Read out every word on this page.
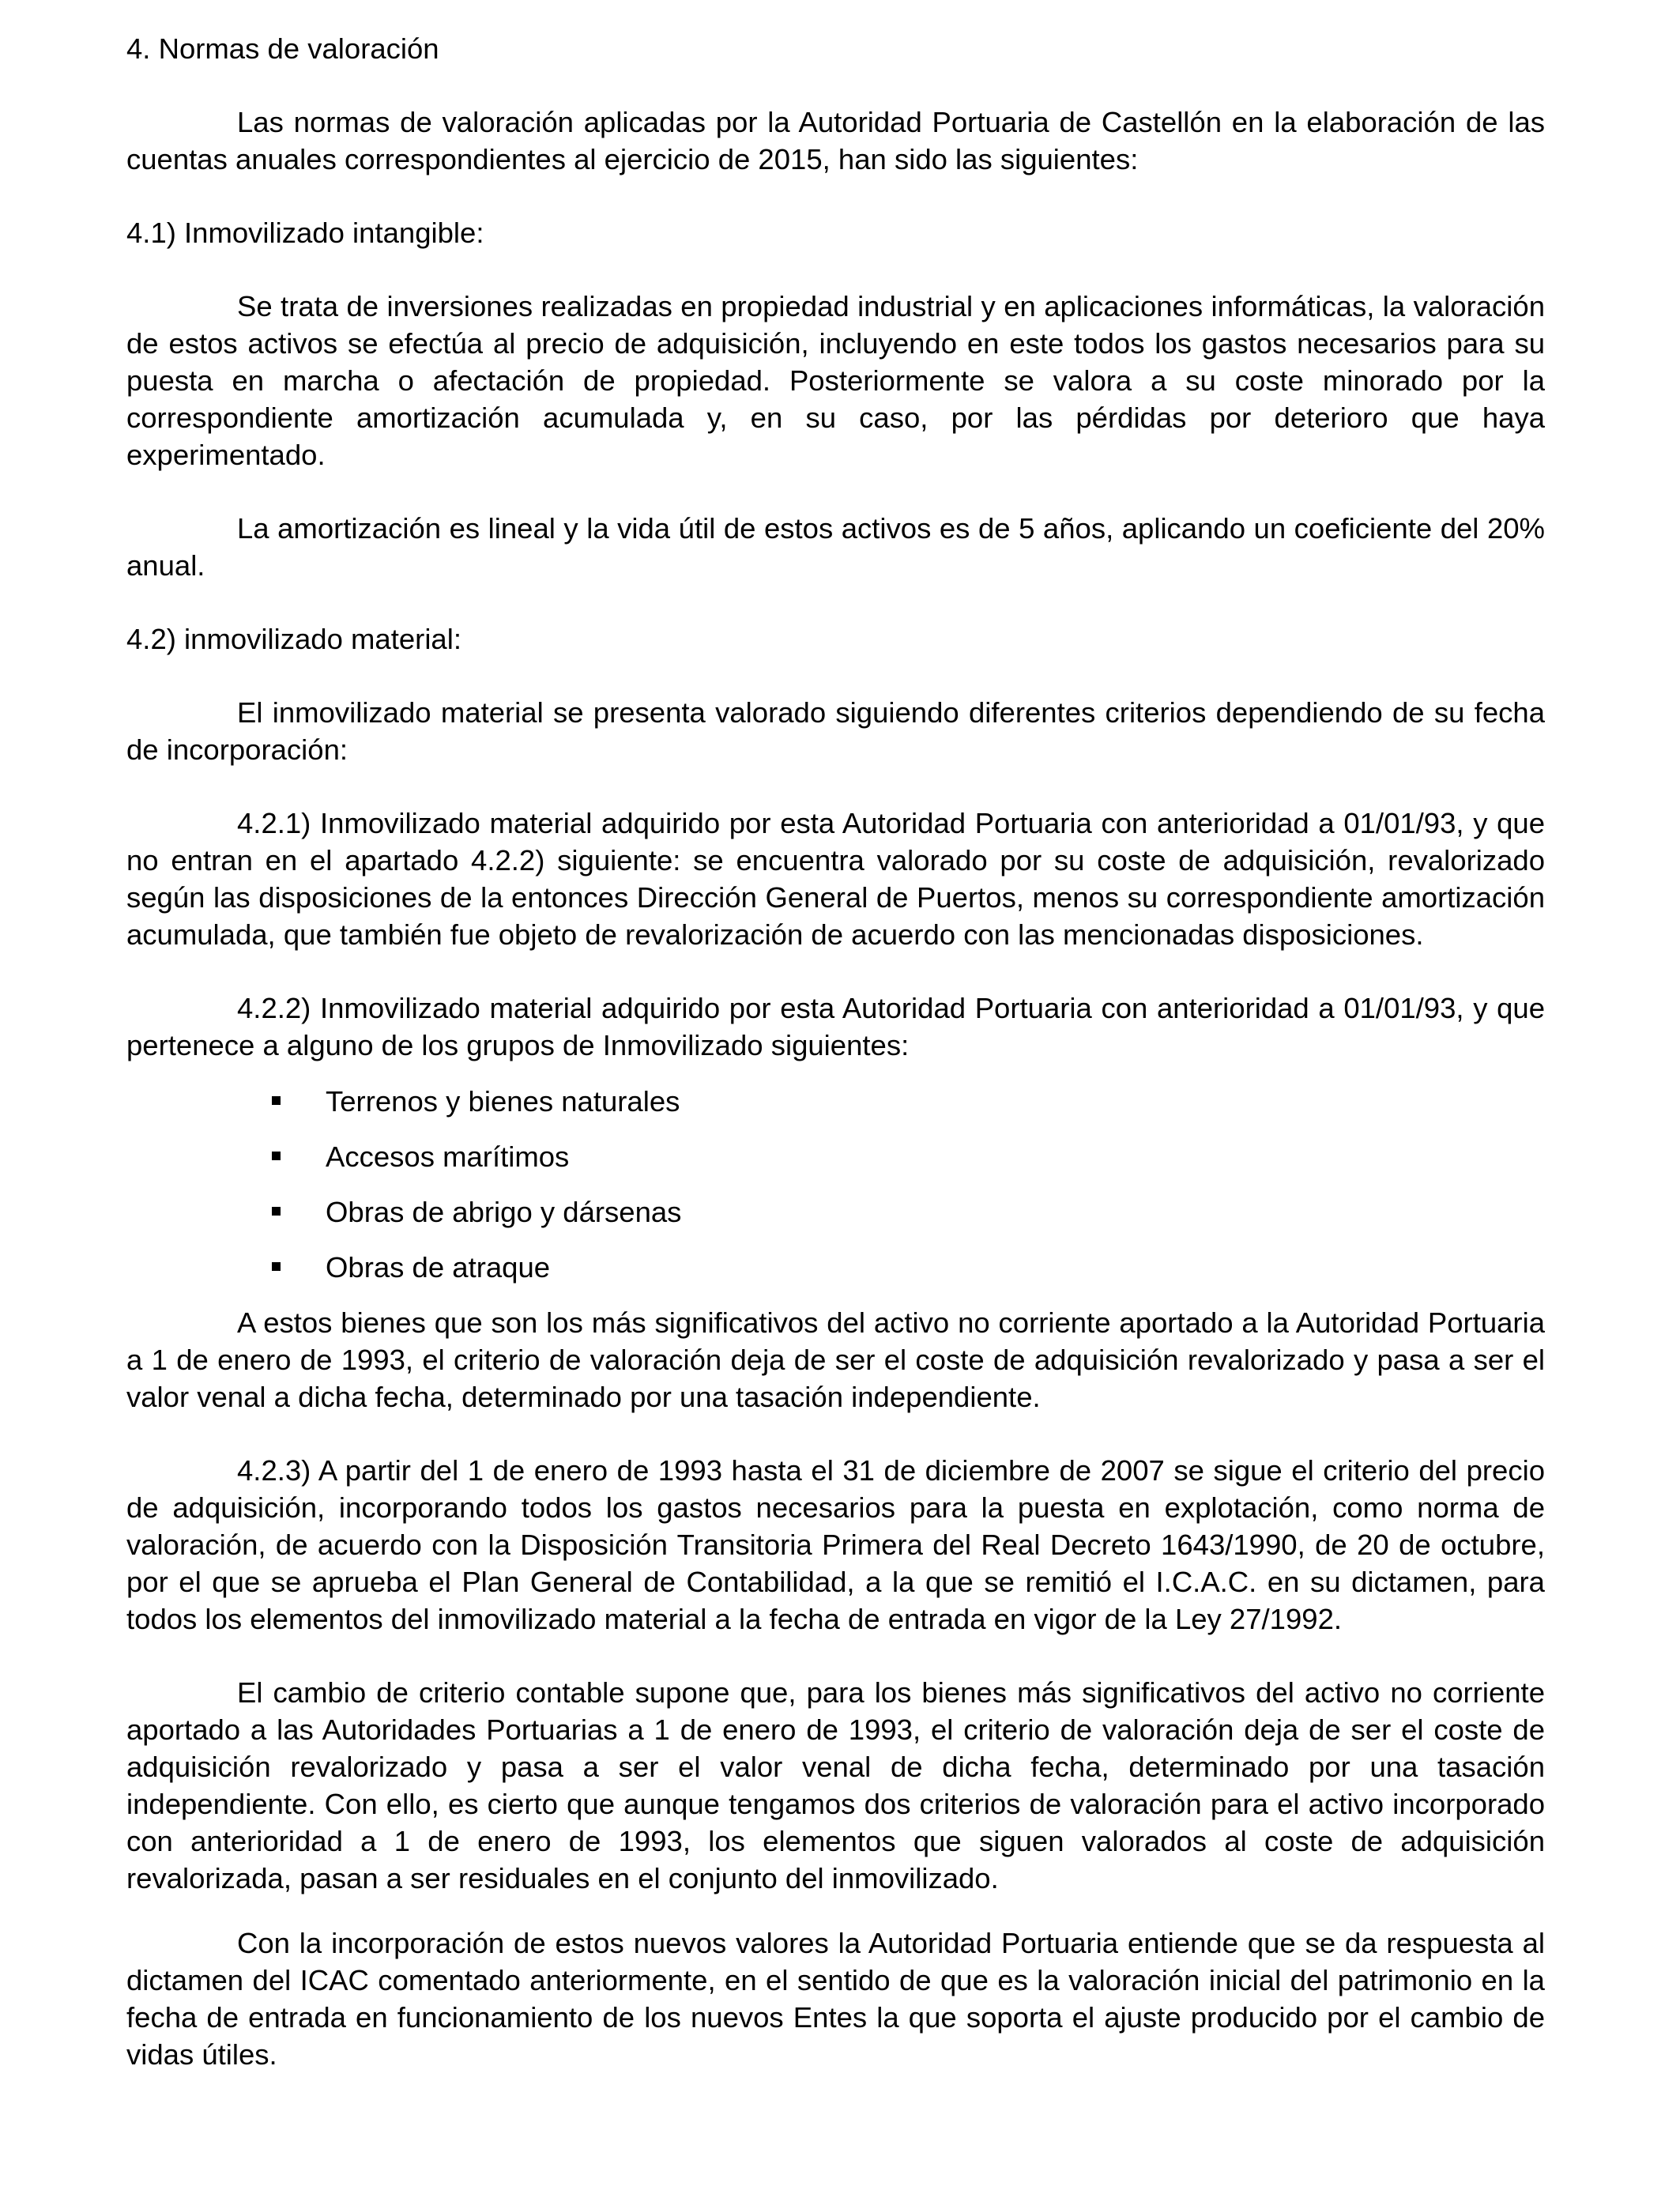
4. Normas de valoración

Las normas de valoración aplicadas por la Autoridad Portuaria de Castellón en la elaboración de las cuentas anuales correspondientes al ejercicio de 2015, han sido las siguientes:

4.1) Inmovilizado intangible:

Se trata de inversiones realizadas en propiedad industrial y en aplicaciones informáticas, la valoración de estos activos se efectúa al precio de adquisición, incluyendo en este todos los gastos necesarios para su puesta en marcha o afectación de propiedad. Posteriormente se valora a su coste minorado por la correspondiente amortización acumulada y, en su caso, por las pérdidas por deterioro que haya experimentado.

La amortización es lineal y la vida útil de estos activos es de 5 años, aplicando un coeficiente del 20% anual.

4.2) inmovilizado material:

El inmovilizado material se presenta valorado siguiendo diferentes criterios dependiendo de su fecha de incorporación:

4.2.1) Inmovilizado material adquirido por esta Autoridad Portuaria con anterioridad a 01/01/93, y que no entran en el apartado 4.2.2) siguiente: se encuentra valorado por su coste de adquisición, revalorizado según las disposiciones de la entonces Dirección General de Puertos, menos su correspondiente amortización acumulada, que también fue objeto de revalorización de acuerdo con las mencionadas disposiciones.

4.2.2) Inmovilizado material adquirido por esta Autoridad Portuaria con anterioridad a 01/01/93, y que pertenece a alguno de los grupos de Inmovilizado siguientes:

Terrenos y bienes naturales
Accesos marítimos
Obras de abrigo y dársenas
Obras de atraque

A estos bienes que son los más significativos del activo no corriente aportado a la Autoridad Portuaria a 1 de enero de 1993, el criterio de valoración deja de ser el coste de adquisición revalorizado y pasa a ser el valor venal a dicha fecha, determinado por una tasación independiente.

4.2.3) A partir del 1 de enero de 1993 hasta el 31 de diciembre de 2007 se sigue el criterio del precio de adquisición, incorporando todos los gastos necesarios para la puesta en explotación, como norma de valoración, de acuerdo con la Disposición Transitoria Primera del Real Decreto 1643/1990, de 20 de octubre, por el que se aprueba el Plan General de Contabilidad, a la que se remitió el I.C.A.C. en su dictamen, para todos los elementos del inmovilizado material a la fecha de entrada en vigor de la Ley 27/1992.

El cambio de criterio contable supone que, para los bienes más significativos del activo no corriente aportado a las Autoridades Portuarias a 1 de enero de 1993, el criterio de valoración deja de ser el coste de adquisición revalorizado y pasa a ser el valor venal de dicha fecha, determinado por una tasación independiente. Con ello, es cierto que aunque tengamos dos criterios de valoración para el activo incorporado con anterioridad a 1 de enero de 1993, los elementos que siguen valorados al coste de adquisición revalorizada, pasan a ser residuales en el conjunto del inmovilizado.

Con la incorporación de estos nuevos valores la Autoridad Portuaria entiende que se da respuesta al dictamen del ICAC comentado anteriormente, en el sentido de que es la valoración inicial del patrimonio en la fecha de entrada en funcionamiento de los nuevos Entes la que soporta el ajuste producido por el cambio de vidas útiles.
